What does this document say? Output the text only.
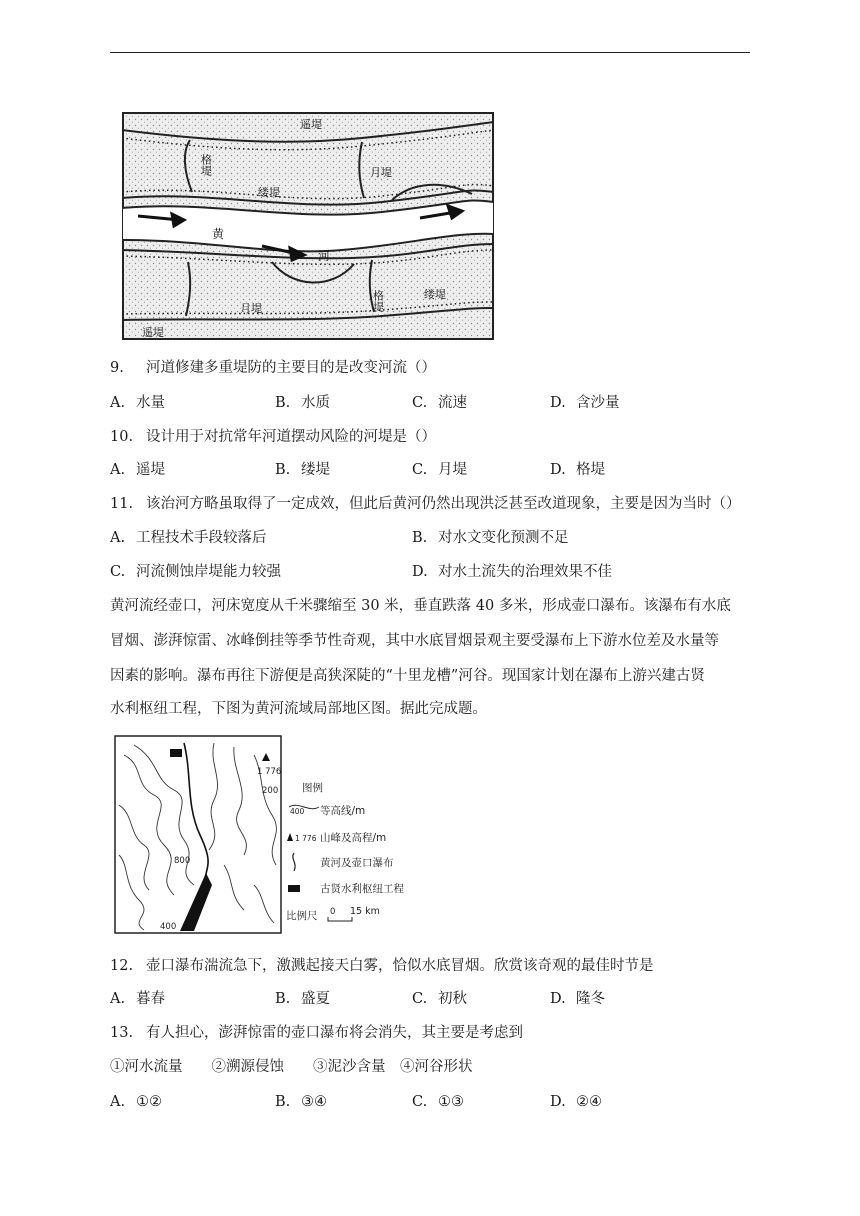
遥堤
格堤	月堤
缕堤
黄
河
格堤	缕堤
月堤
遥堤
9. 河道修建多重堤防的主要目的是改变河流（）
A. 水量	B. 水质	C. 流速	D. 含沙量
10. 设计用于对抗常年河道摆动风险的河堤是（）
A. 遥堤	B. 缕堤	C. 月堤	D. 格堤
11. 该治河方略虽取得了一定成效，但此后黄河仍然出现洪泛甚至改道现象，主要是因为当时（）
A. 工程技术手段较落后	B. 对水文变化预测不足
C. 河流侧蚀岸堤能力较强	D. 对水土流失的治理效果不佳
黄河流经壶口，河床宽度从千米骤缩至 30 米，垂直跌落 40 多米，形成壶口瀑布。该瀑布有水底
冒烟、澎湃惊雷、冰峰倒挂等季节性奇观，其中水底冒烟景观主要受瀑布上下游水位差及水量等
因素的影响。瀑布再往下游便是高狭深陡的“十里龙槽”河谷。现国家计划在瀑布上游兴建古贤
水利枢纽工程，下图为黄河流域局部地区图。据此完成题。
1 776
200
800
400
图例
400 等高线/m
1 776 山峰及高程/m
黄河及壶口瀑布
古贤水利枢纽工程
比例尺 0 15 km
12. 壶口瀑布湍流急下，激溅起接天白雾，恰似水底冒烟。欣赏该奇观的最佳时节是
A. 暮春	B. 盛夏	C. 初秋	D. 隆冬
13. 有人担心，澎湃惊雷的壶口瀑布将会消失，其主要是考虑到
①河水流量　　②溯源侵蚀　　③泥沙含量　④河谷形状
A. ①②	B. ③④	C. ①③	D. ②④
